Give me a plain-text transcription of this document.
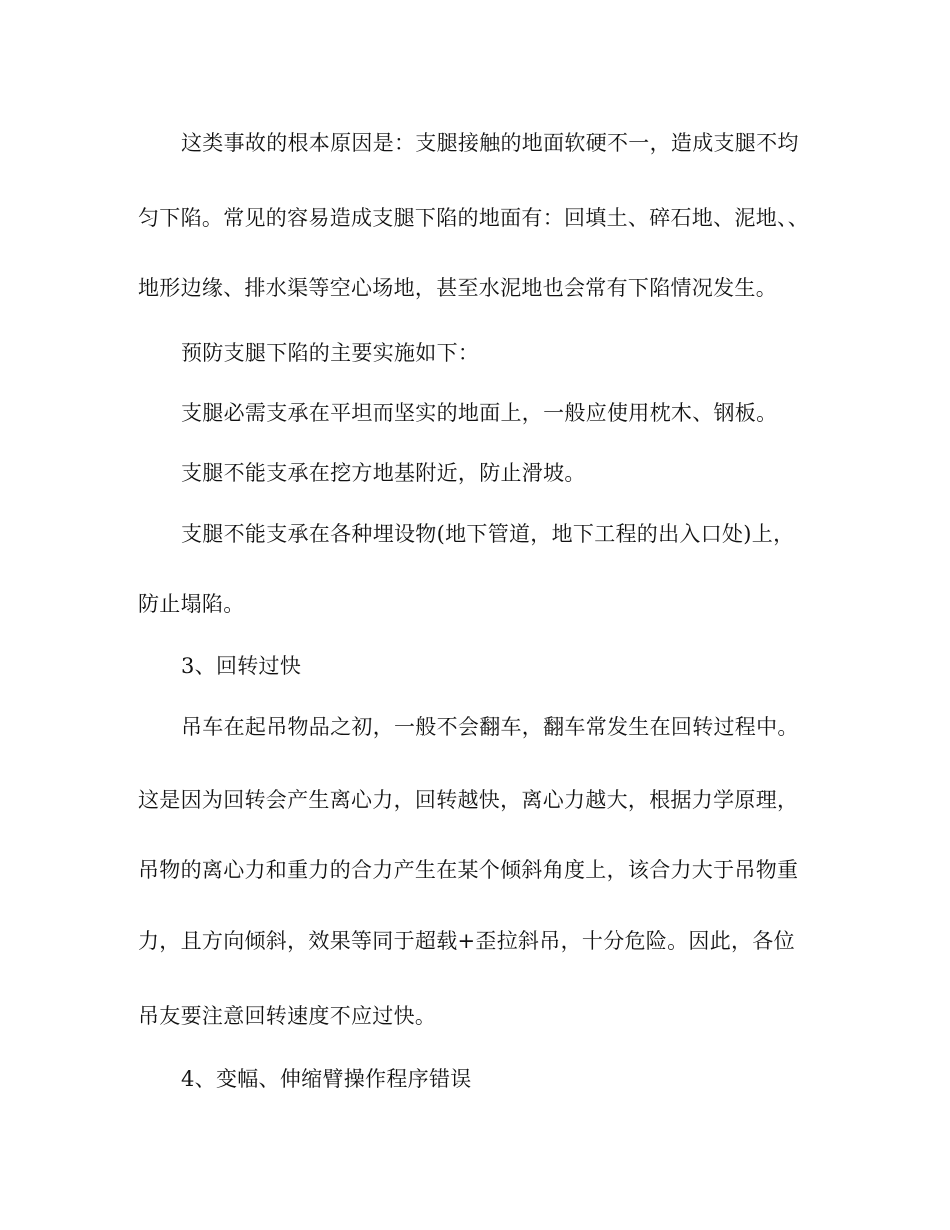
这类事故的根本原因是：支腿接触的地面软硬不一，造成支腿不均
匀下陷。常见的容易造成支腿下陷的地面有：回填土、碎石地、泥地、、
地形边缘、排水渠等空心场地，甚至水泥地也会常有下陷情况发生。
预防支腿下陷的主要实施如下：
支腿必需支承在平坦而坚实的地面上，一般应使用枕木、钢板。
支腿不能支承在挖方地基附近，防止滑坡。
支腿不能支承在各种埋设物(地下管道，地下工程的出入口处)上，
防止塌陷。
3、回转过快
吊车在起吊物品之初，一般不会翻车，翻车常发生在回转过程中。
这是因为回转会产生离心力，回转越快，离心力越大，根据力学原理，
吊物的离心力和重力的合力产生在某个倾斜角度上，该合力大于吊物重
力，且方向倾斜，效果等同于超载+歪拉斜吊，十分危险。因此，各位
吊友要注意回转速度不应过快。
4、变幅、伸缩臂操作程序错误
